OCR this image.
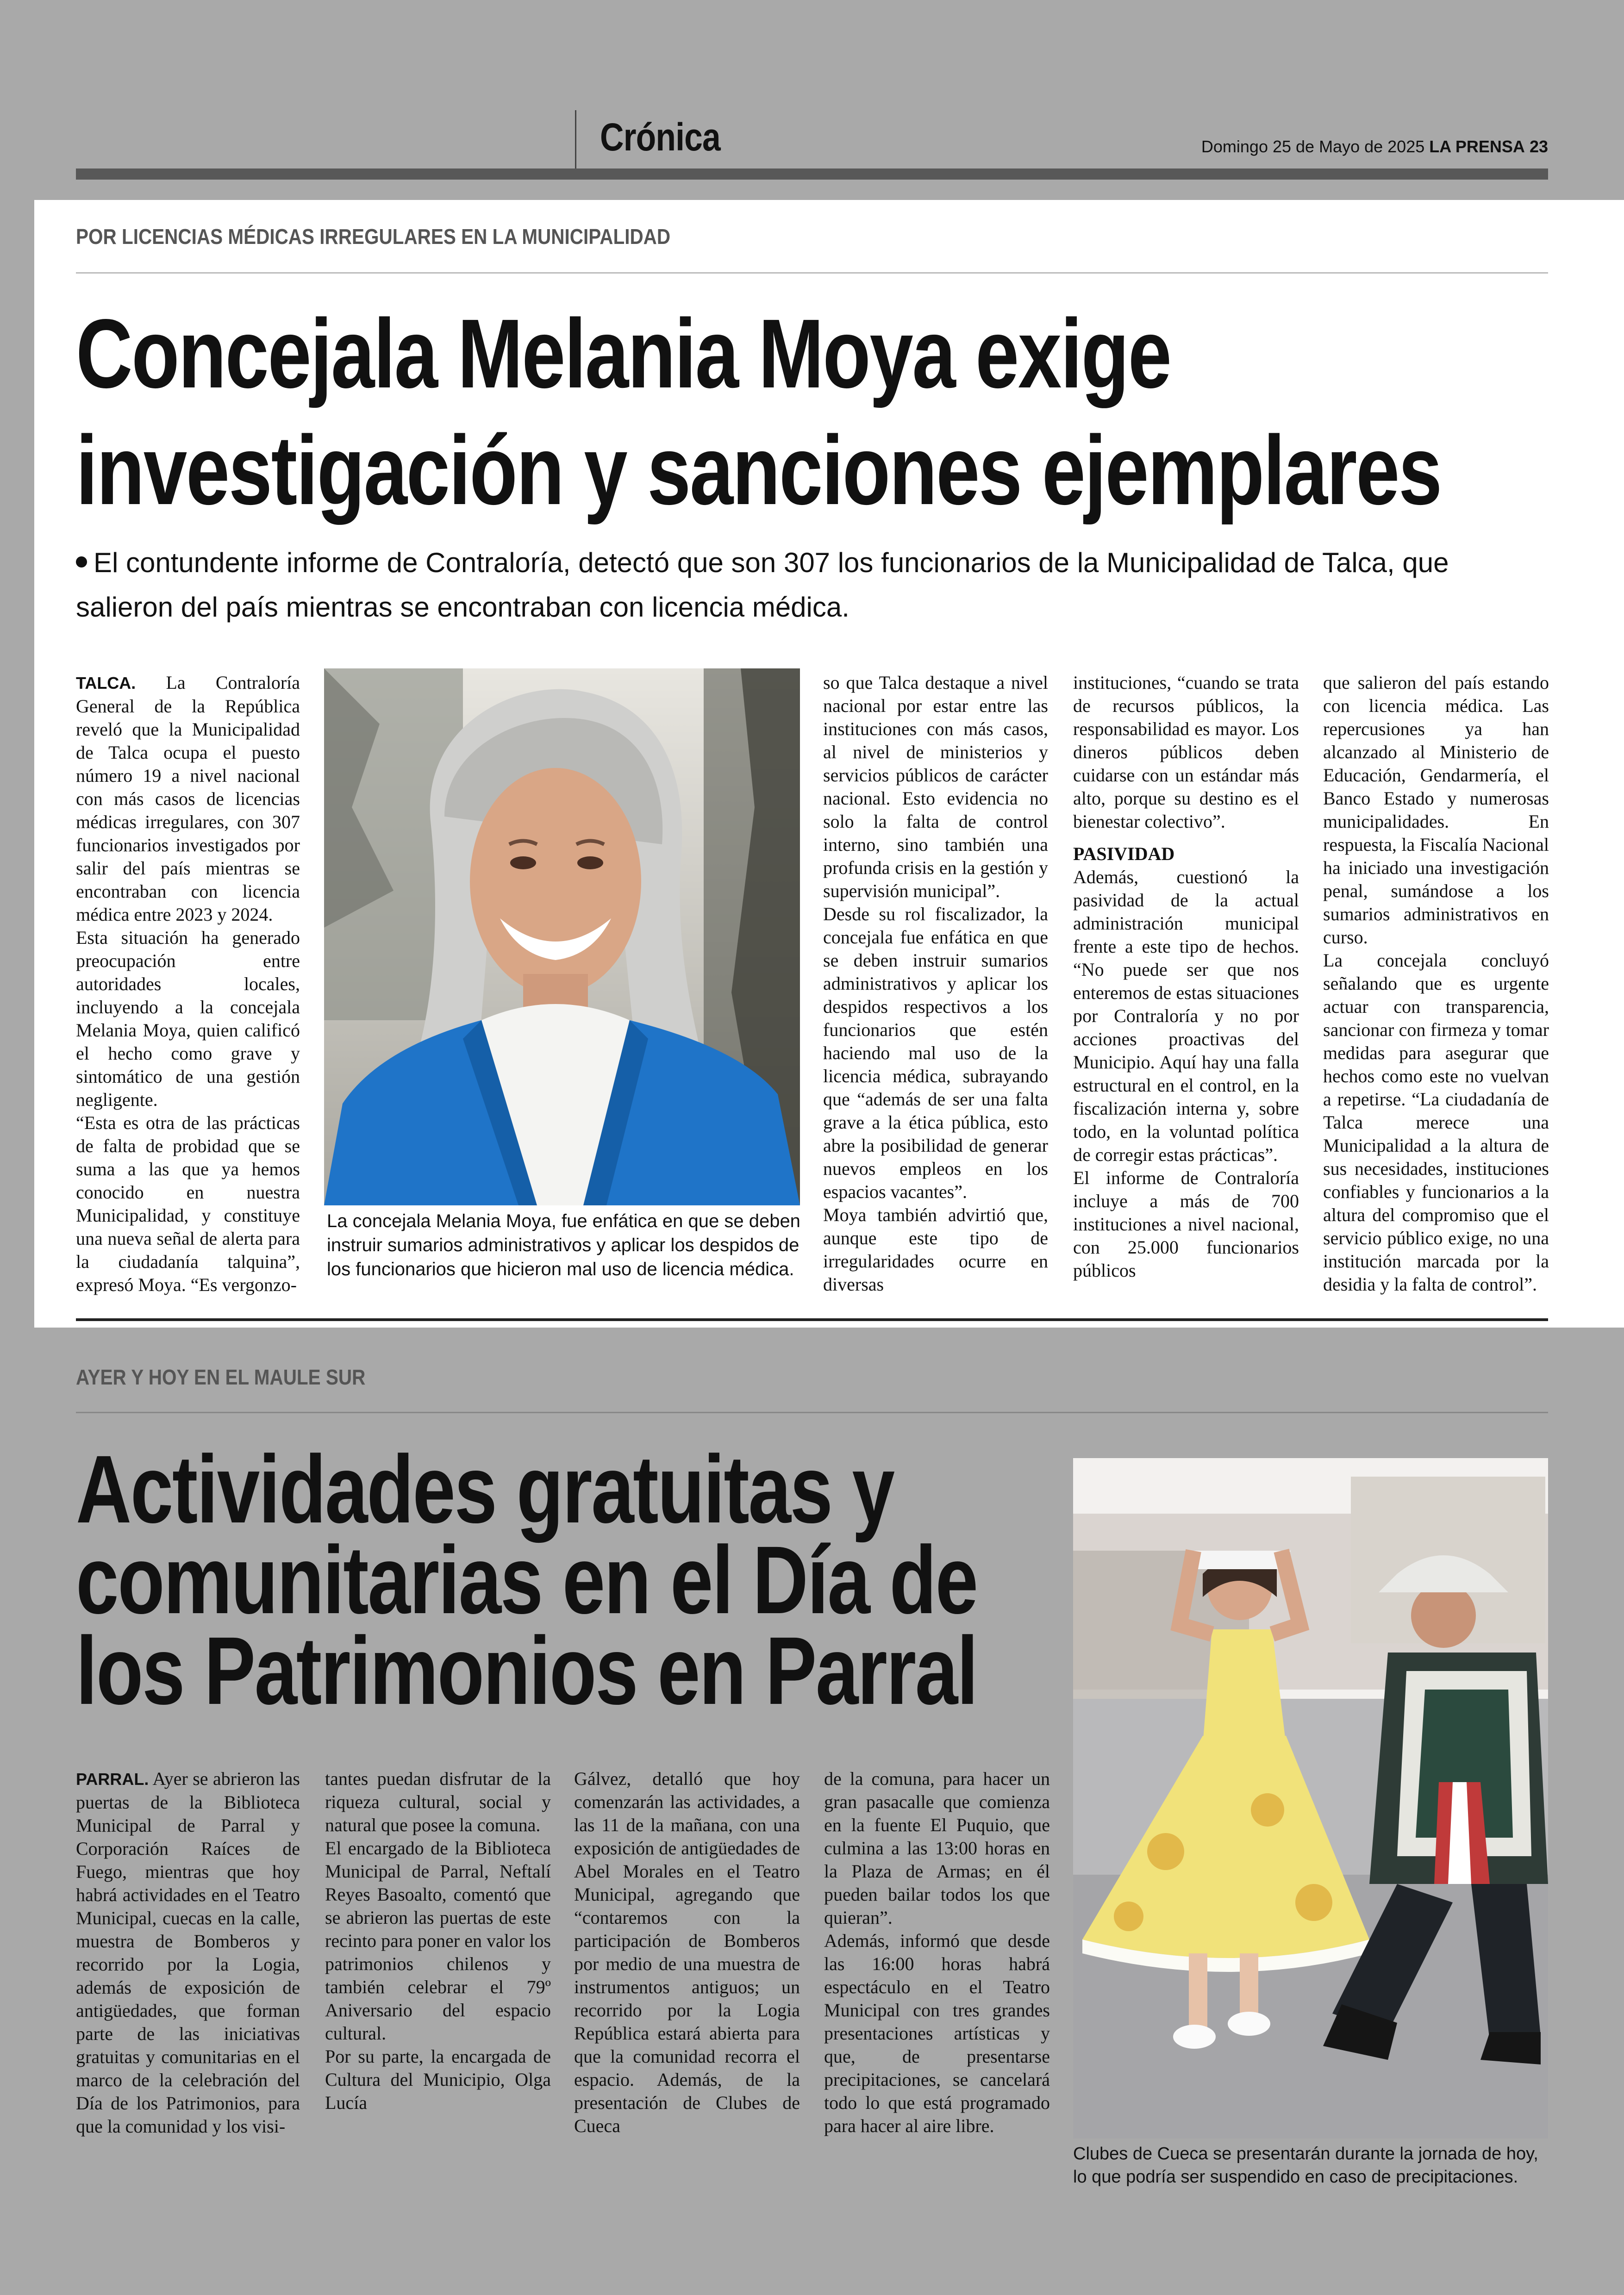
Crónica	Domingo 25 de Mayo de 2025 LA PRENSA 23
POR LICENCIAS MÉDICAS IRREGULARES EN LA MUNICIPALIDAD
Concejala Melania Moya exige
investigación y sanciones ejemplares
El contundente informe de Contraloría, detectó que son 307 los funcionarios de la Municipalidad de Talca, que salieron del país mientras se encontraban con licencia médica.

TALCA. La Contraloría General de la República reveló que la Municipalidad de Talca ocupa el puesto número 19 a nivel nacional con más casos de licencias médicas irregulares, con 307 funcionarios investigados por salir del país mientras se encontraban con licencia médica entre 2023 y 2024.

Esta situación ha generado preocupación entre autoridades locales, incluyendo a la concejala Melania Moya, quien calificó el hecho como grave y sintomático de una gestión negligente.

“Esta es otra de las prácticas de falta de probidad que se suma a las que ya hemos conocido en nuestra Municipalidad, y constituye una nueva señal de alerta para la ciudadanía talquina”, expresó Moya. “Es vergonzo-

La concejala Melania Moya, fue enfática en que se deben instruir sumarios administrativos y aplicar los despidos de los funcionarios que hicieron mal uso de licencia médica.

so que Talca destaque a nivel nacional por estar entre las instituciones con más casos, al nivel de ministerios y servicios públicos de carácter nacional. Esto evidencia no solo la falta de control interno, sino también una profunda crisis en la gestión y supervisión municipal”.

Desde su rol fiscalizador, la concejala fue enfática en que se deben instruir sumarios administrativos y aplicar los despidos respectivos a los funcionarios que estén haciendo mal uso de la licencia médica, subrayando que “además de ser una falta grave a la ética pública, esto abre la posibilidad de generar nuevos empleos en los espacios vacantes”.

Moya también advirtió que, aunque este tipo de irregularidades ocurre en diversas

instituciones, “cuando se trata de recursos públicos, la responsabilidad es mayor. Los dineros públicos deben cuidarse con un estándar más alto, porque su destino es el bienestar colectivo”.

PASIVIDAD

Además, cuestionó la pasividad de la actual administración municipal frente a este tipo de hechos. “No puede ser que nos enteremos de estas situaciones por Contraloría y no por acciones proactivas del Municipio. Aquí hay una falla estructural en el control, en la fiscalización interna y, sobre todo, en la voluntad política de corregir estas prácticas”.

El informe de Contraloría incluye a más de 700 instituciones a nivel nacional, con 25.000 funcionarios públicos

que salieron del país estando con licencia médica. Las repercusiones ya han alcanzado al Ministerio de Educación, Gendarmería, el Banco Estado y numerosas municipalidades. En respuesta, la Fiscalía Nacional ha iniciado una investigación penal, sumándose a los sumarios administrativos en curso.

La concejala concluyó señalando que es urgente actuar con transparencia, sancionar con firmeza y tomar medidas para asegurar que hechos como este no vuelvan a repetirse. “La ciudadanía de Talca merece una Municipalidad a la altura de sus necesidades, instituciones confiables y funcionarios a la altura del compromiso que el servicio público exige, no una institución marcada por la desidia y la falta de control”.

AYER Y HOY EN EL MAULE SUR
Actividades gratuitas y
comunitarias en el Día de
los Patrimonios en Parral

PARRAL. Ayer se abrieron las puertas de la Biblioteca Municipal de Parral y Corporación Raíces de Fuego, mientras que hoy habrá actividades en el Teatro Municipal, cuecas en la calle, muestra de Bomberos y recorrido por la Logia, además de exposición de antigüedades, que forman parte de las iniciativas gratuitas y comunitarias en el marco de la celebración del Día de los Patrimonios, para que la comunidad y los visi-

tantes puedan disfrutar de la riqueza cultural, social y natural que posee la comuna.

El encargado de la Biblioteca Municipal de Parral, Neftalí Reyes Basoalto, comentó que se abrieron las puertas de este recinto para poner en valor los patrimonios chilenos y también celebrar el 79º Aniversario del espacio cultural.

Por su parte, la encargada de Cultura del Municipio, Olga Lucía

Gálvez, detalló que hoy comenzarán las actividades, a las 11 de la mañana, con una exposición de antigüedades de Abel Morales en el Teatro Municipal, agregando que “contaremos con la participación de Bomberos por medio de una muestra de instrumentos antiguos; un recorrido por la Logia República estará abierta para que la comunidad recorra el espacio. Además, de la presentación de Clubes de Cueca

de la comuna, para hacer un gran pasacalle que comienza en la fuente El Puquio, que culmina a las 13:00 horas en la Plaza de Armas; en él pueden bailar todos los que quieran”.

Además, informó que desde las 16:00 horas habrá espectáculo en el Teatro Municipal con tres grandes presentaciones artísticas y que, de presentarse precipitaciones, se cancelará todo lo que está programado para hacer al aire libre.

Clubes de Cueca se presentarán durante la jornada de hoy, lo que podría ser suspendido en caso de precipitaciones.
